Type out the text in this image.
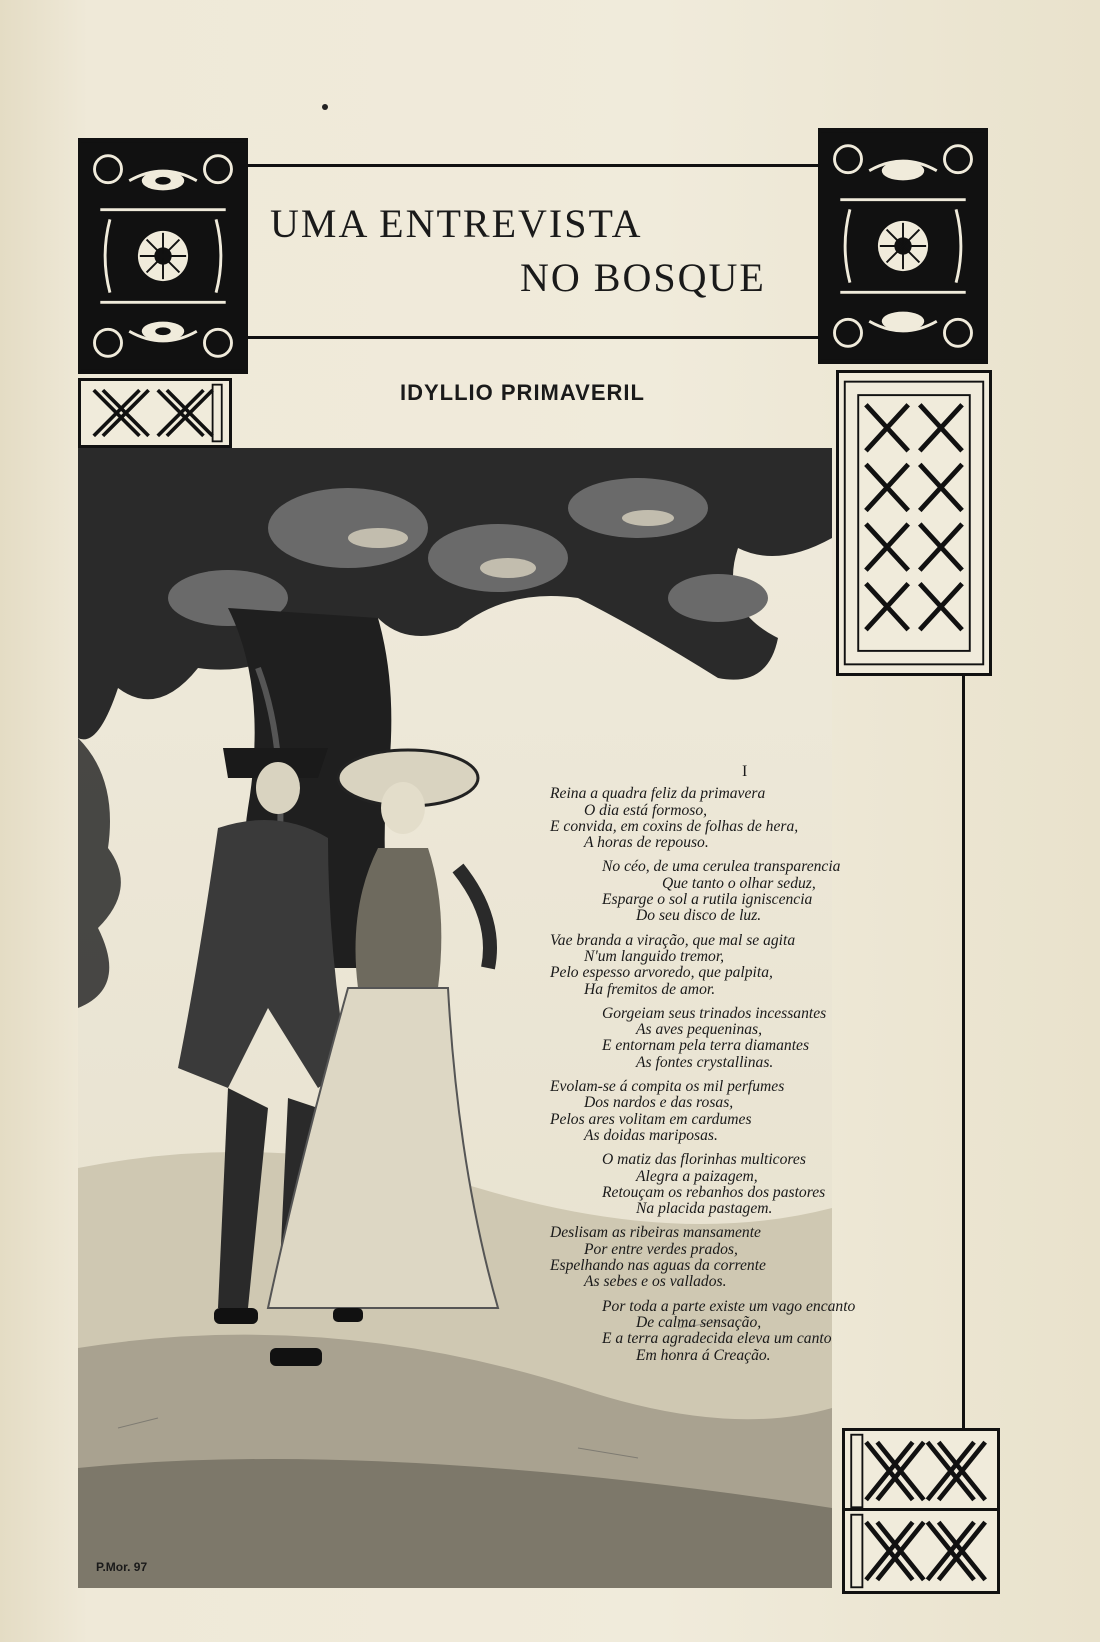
UMA ENTREVISTA
NO BOSQUE
IDYLLIO PRIMAVERIL
P.Mor. 97
I
Reina a quadra feliz da primavera
O dia está formoso,
E convida, em coxins de folhas de hera,
A horas de repouso.
No céo, de uma cerulea transparencia
Que tanto o olhar seduz,
Esparge o sol a rutila igniscencia
Do seu disco de luz.
Vae branda a viração, que mal se agita
N'um languido tremor,
Pelo espesso arvoredo, que palpita,
Ha fremitos de amor.
Gorgeiam seus trinados incessantes
As aves pequeninas,
E entornam pela terra diamantes
As fontes crystallinas.
Evolam-se á compita os mil perfumes
Dos nardos e das rosas,
Pelos ares volitam em cardumes
As doidas mariposas.
O matiz das florinhas multicores
Alegra a paizagem,
Retouçam os rebanhos dos pastores
Na placida pastagem.
Deslisam as ribeiras mansamente
Por entre verdes prados,
Espelhando nas aguas da corrente
As sebes e os vallados.
Por toda a parte existe um vago encanto
De calma sensação,
E a terra agradecida eleva um canto
Em honra á Creação.
